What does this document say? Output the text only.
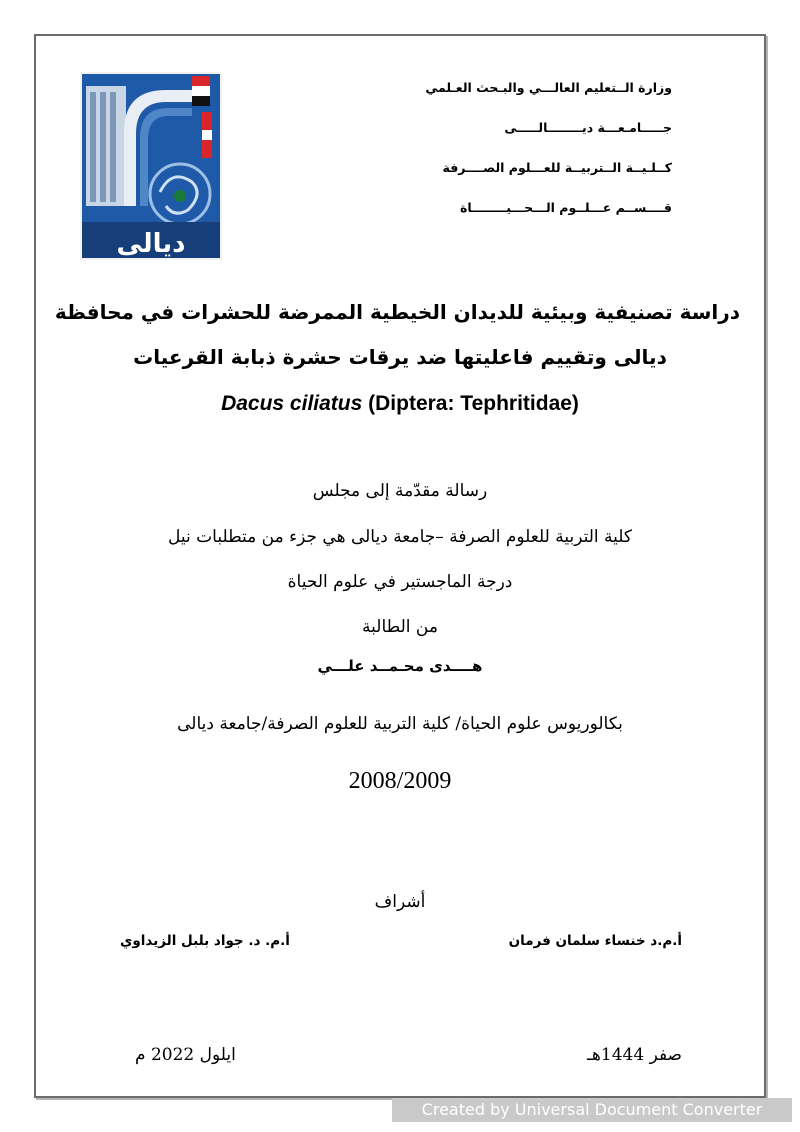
ديالى
وزارة الــتعليم العالـــي والبـحث العـلمي
جـــــامـعـــة ديــــــــالـــــى
كــلـيــة الــتربيــة للعـــلوم الصــــرفة
قــــســم عـــلــوم الـــحـــيــــــــاة
دراسة تصنيفية وبيئية للديدان الخيطية الممرضة للحشرات في محافظة
ديالى وتقييم فاعليتها ضد يرقات حشرة ذبابة القرعيات
Dacus ciliatus (Diptera: Tephritidae)
رسالة مقدّمة إلى مجلس
كلية التربية للعلوم الصرفة –جامعة ديالى هي جزء من متطلبات نيل
درجة الماجستير في علوم الحياة
من الطالبة
هــــدى محـمــد علـــي
بكالوريوس علوم الحياة/ كلية التربية للعلوم الصرفة/جامعة ديالى
2008/2009
أشراف
أ.م.د خنساء سلمان فرمان
أ.م. د. جواد بلبل الزيداوي
صفر 1444هـ
ايلول 2022 م
Created by Universal Document Converter
